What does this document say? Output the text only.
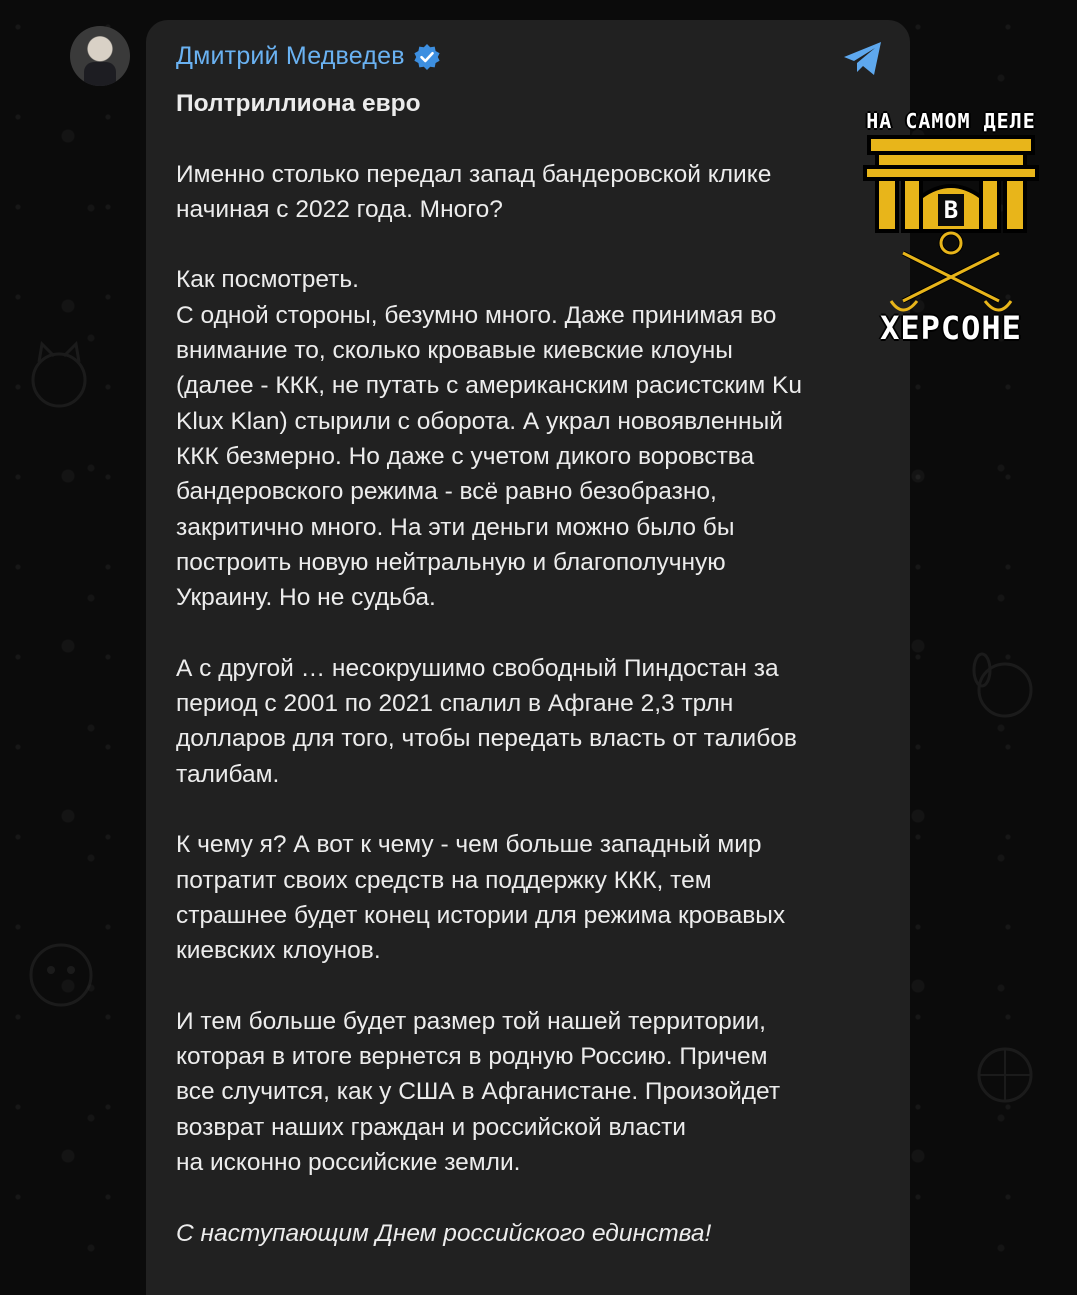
Дмитрий Медведев

Полтриллиона евро

Именно столько передал запад бандеровской клике
начиная с 2022 года. Много?

Как посмотреть.
С одной стороны, безумно много. Даже принимая во
внимание то, сколько кровавые киевские клоуны
(далее - ККК, не путать с американским расистским Ku
Klux Klan) стырили с оборота. А украл новоявленный
ККК безмерно. Но даже с учетом дикого воровства
бандеровского режима - всё равно безобразно,
закритично много. На эти деньги можно было бы
построить новую нейтральную и благополучную
Украину. Но не судьба.

А с другой … несокрушимо свободный Пиндостан за
период с 2001 по 2021 спалил в Афгане 2,3 трлн
долларов для того, чтобы передать власть от талибов
талибам.

К чему я? А вот к чему - чем больше западный мир
потратит своих средств на поддержку ККК, тем
страшнее будет конец истории для режима кровавых
киевских клоунов.

И тем больше будет размер той нашей территории,
которая в итоге вернется в родную Россию. Причем
все случится, как у США в Афганистане. Произойдет
возврат наших граждан и российской власти
на исконно российские земли.

С наступающим Днем российского единства!

НА САМОМ ДЕЛЕ
В
ХЕРСОНЕ
